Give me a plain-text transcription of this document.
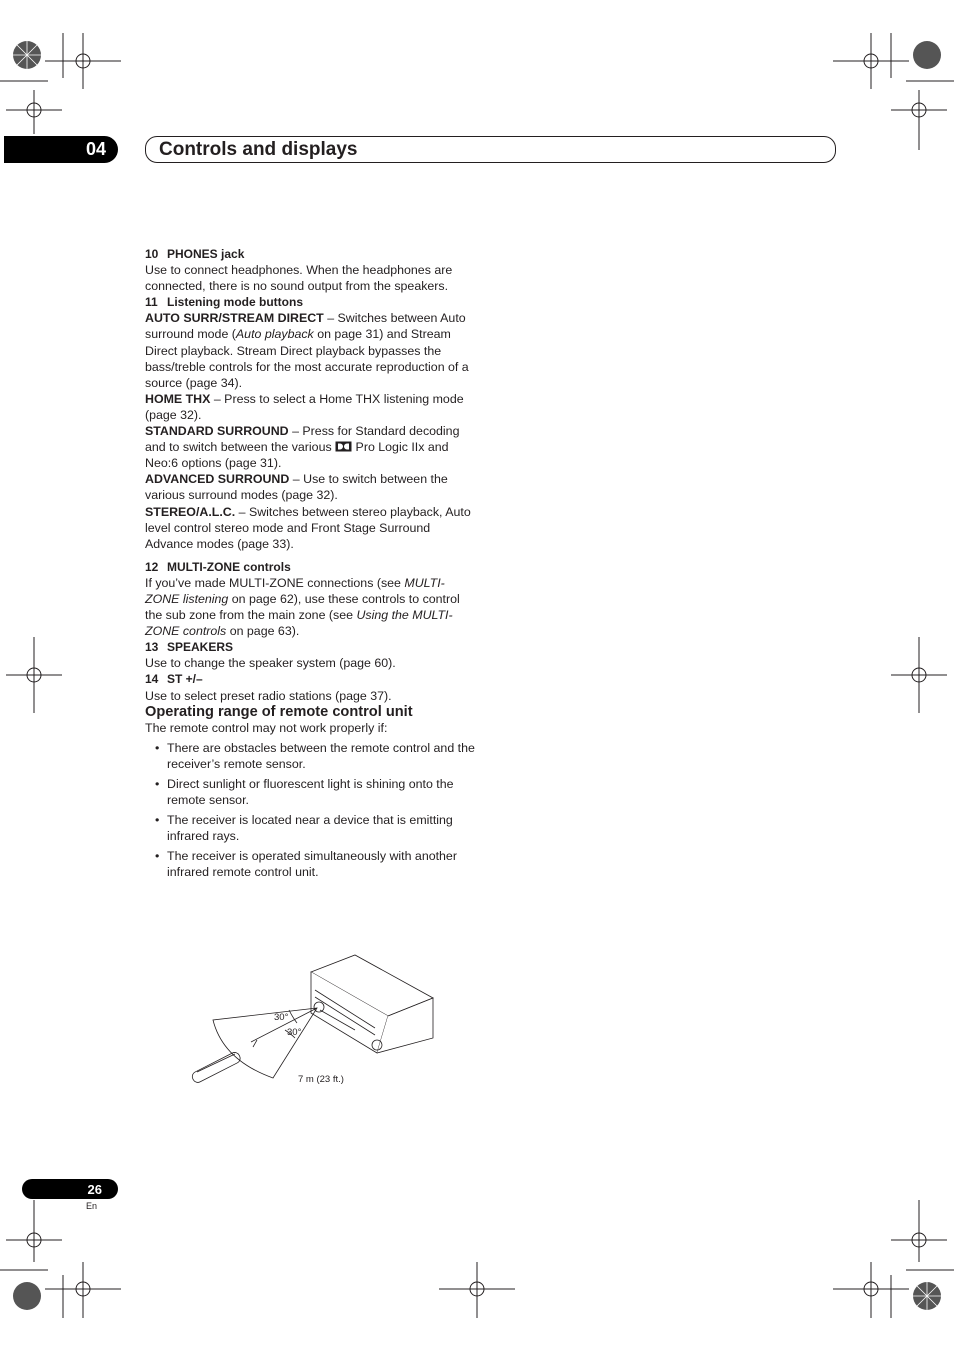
04	Controls and displays

10 PHONES jack

Use to connect headphones. When the headphones are connected, there is no sound output from the speakers.

11 Listening mode buttons

AUTO SURR/STREAM DIRECT – Switches between Auto surround mode (Auto playback on page 31) and Stream Direct playback. Stream Direct playback bypasses the bass/treble controls for the most accurate reproduction of a source (page 34).

HOME THX – Press to select a Home THX listening mode (page 32).

STANDARD SURROUND – Press for Standard decoding and to switch between the various  Pro Logic IIx and Neo:6 options (page 31).

ADVANCED SURROUND – Use to switch between the various surround modes (page 32).

STEREO/A.L.C. – Switches between stereo playback, Auto level control stereo mode and Front Stage Surround Advance modes (page 33).

12 MULTI-ZONE controls

If you’ve made MULTI-ZONE connections (see MULTI-ZONE listening on page 62), use these controls to control the sub zone from the main zone (see Using the MULTI-ZONE controls on page 63).

13 SPEAKERS

Use to change the speaker system (page 60).

14 ST +/–

Use to select preset radio stations (page 37).

Operating range of remote control unit

The remote control may not work properly if:

• There are obstacles between the remote control and the receiver’s remote sensor.
• Direct sunlight or fluorescent light is shining onto the remote sensor.
• The receiver is located near a device that is emitting infrared rays.
• The receiver is operated simultaneously with another infrared remote control unit.
30°
30°
7 m (23 ft.)
26
En
